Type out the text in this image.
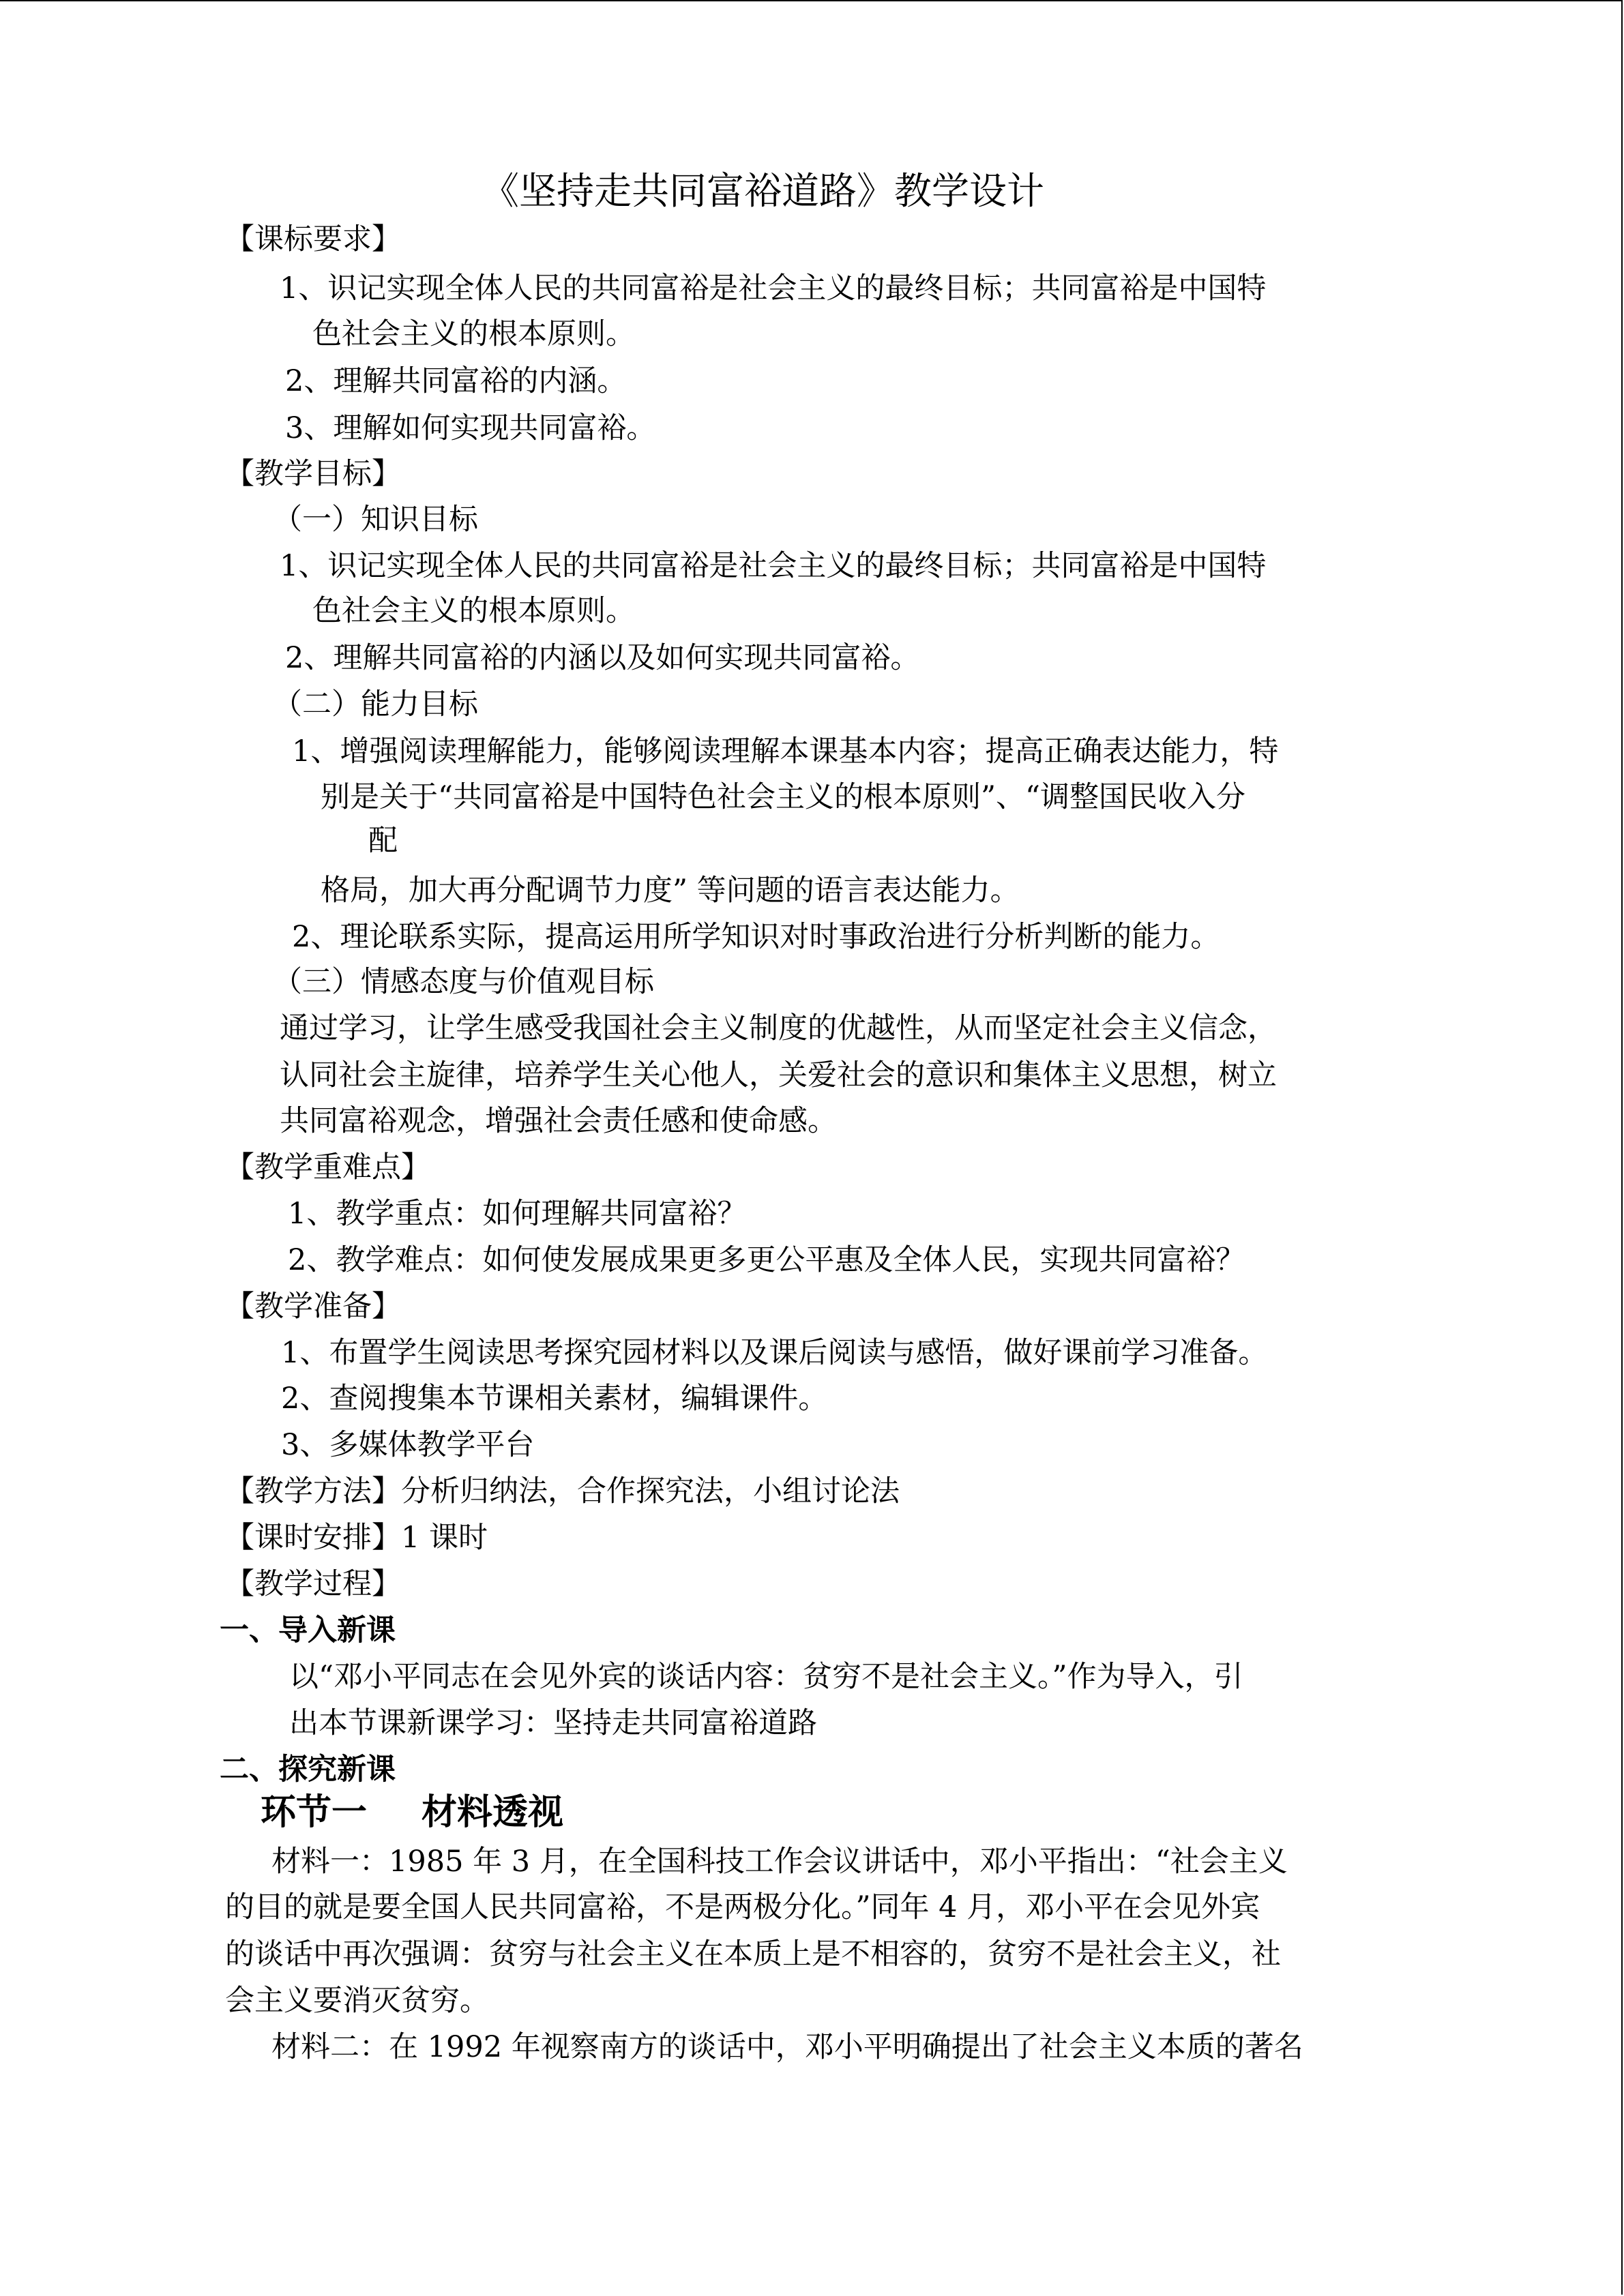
《坚持走共同富裕道路》教学设计
【课标要求】
1、识记实现全体人民的共同富裕是社会主义的最终目标；共同富裕是中国特
色社会主义的根本原则。
2、理解共同富裕的内涵。
3、理解如何实现共同富裕。
【教学目标】
（一）知识目标
1、识记实现全体人民的共同富裕是社会主义的最终目标；共同富裕是中国特
色社会主义的根本原则。
2、理解共同富裕的内涵以及如何实现共同富裕。
（二）能力目标
1、增强阅读理解能力，能够阅读理解本课基本内容；提高正确表达能力，特
别是关于“共同富裕是中国特色社会主义的根本原则”、“调整国民收入分
配
格局，加大再分配调节力度” 等问题的语言表达能力。
2、理论联系实际，提高运用所学知识对时事政治进行分析判断的能力。
（三）情感态度与价值观目标
通过学习，让学生感受我国社会主义制度的优越性，从而坚定社会主义信念，
认同社会主旋律，培养学生关心他人，关爱社会的意识和集体主义思想，树立
共同富裕观念，增强社会责任感和使命感。
【教学重难点】
1、教学重点：如何理解共同富裕？
2、教学难点：如何使发展成果更多更公平惠及全体人民，实现共同富裕？
【教学准备】
1、布置学生阅读思考探究园材料以及课后阅读与感悟，做好课前学习准备。
2、查阅搜集本节课相关素材，编辑课件。
3、多媒体教学平台
【教学方法】分析归纳法，合作探究法，小组讨论法
【课时安排】1 课时
【教学过程】
一、导入新课
以“邓小平同志在会见外宾的谈话内容：贫穷不是社会主义。”作为导入，引
出本节课新课学习：坚持走共同富裕道路
二、探究新课
环节一 材料透视
材料一：1985 年 3 月，在全国科技工作会议讲话中，邓小平指出：“社会主义
的目的就是要全国人民共同富裕，不是两极分化。”同年 4 月，邓小平在会见外宾
的谈话中再次强调：贫穷与社会主义在本质上是不相容的，贫穷不是社会主义，社
会主义要消灭贫穷。
材料二：在 1992 年视察南方的谈话中，邓小平明确提出了社会主义本质的著名
